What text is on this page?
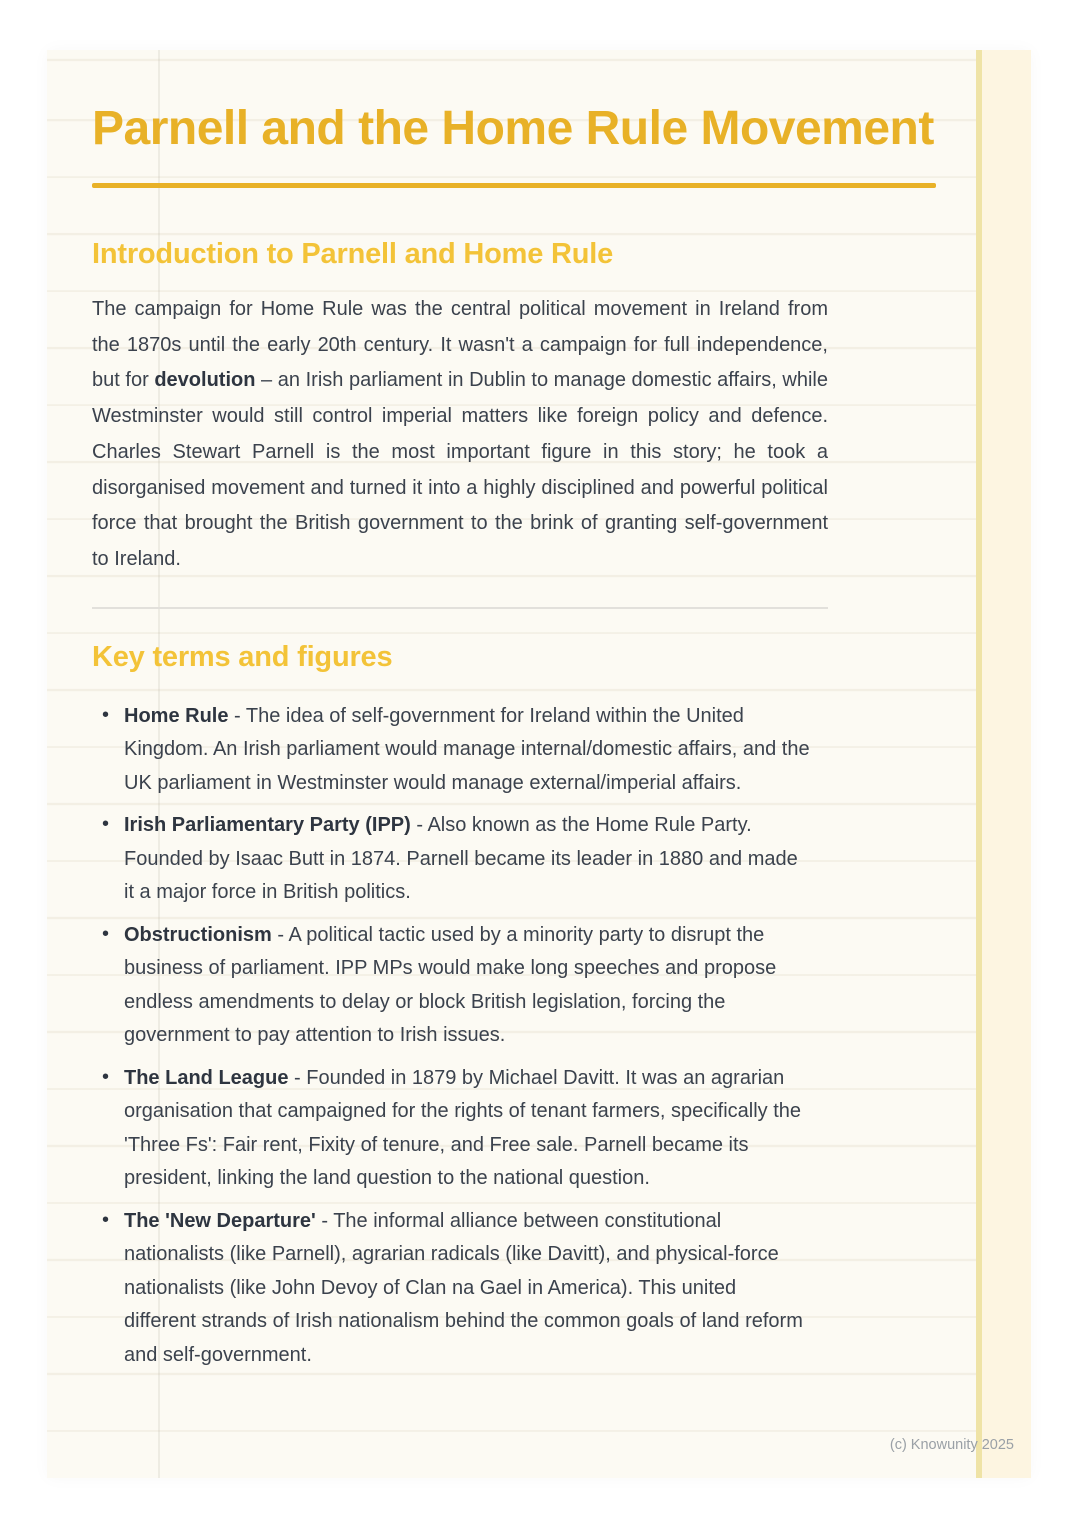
Parnell and the Home Rule Movement
Introduction to Parnell and Home Rule

The campaign for Home Rule was the central political movement in Ireland from the 1870s until the early 20th century. It wasn't a campaign for full independence, but for devolution – an Irish parliament in Dublin to manage domestic affairs, while Westminster would still control imperial matters like foreign policy and defence. Charles Stewart Parnell is the most important figure in this story; he took a disorganised movement and turned it into a highly disciplined and powerful political force that brought the British government to the brink of granting self-government to Ireland.

Key terms and figures
• Home Rule - The idea of self-government for Ireland within the United Kingdom. An Irish parliament would manage internal/domestic affairs, and the UK parliament in Westminster would manage external/imperial affairs.
• Irish Parliamentary Party (IPP) - Also known as the Home Rule Party. Founded by Isaac Butt in 1874. Parnell became its leader in 1880 and made it a major force in British politics.
• Obstructionism - A political tactic used by a minority party to disrupt the business of parliament. IPP MPs would make long speeches and propose endless amendments to delay or block British legislation, forcing the government to pay attention to Irish issues.
• The Land League - Founded in 1879 by Michael Davitt. It was an agrarian organisation that campaigned for the rights of tenant farmers, specifically the 'Three Fs': Fair rent, Fixity of tenure, and Free sale. Parnell became its president, linking the land question to the national question.
• The 'New Departure' - The informal alliance between constitutional nationalists (like Parnell), agrarian radicals (like Davitt), and physical-force nationalists (like John Devoy of Clan na Gael in America). This united different strands of Irish nationalism behind the common goals of land reform and self-government.
(c) Knowunity 2025
